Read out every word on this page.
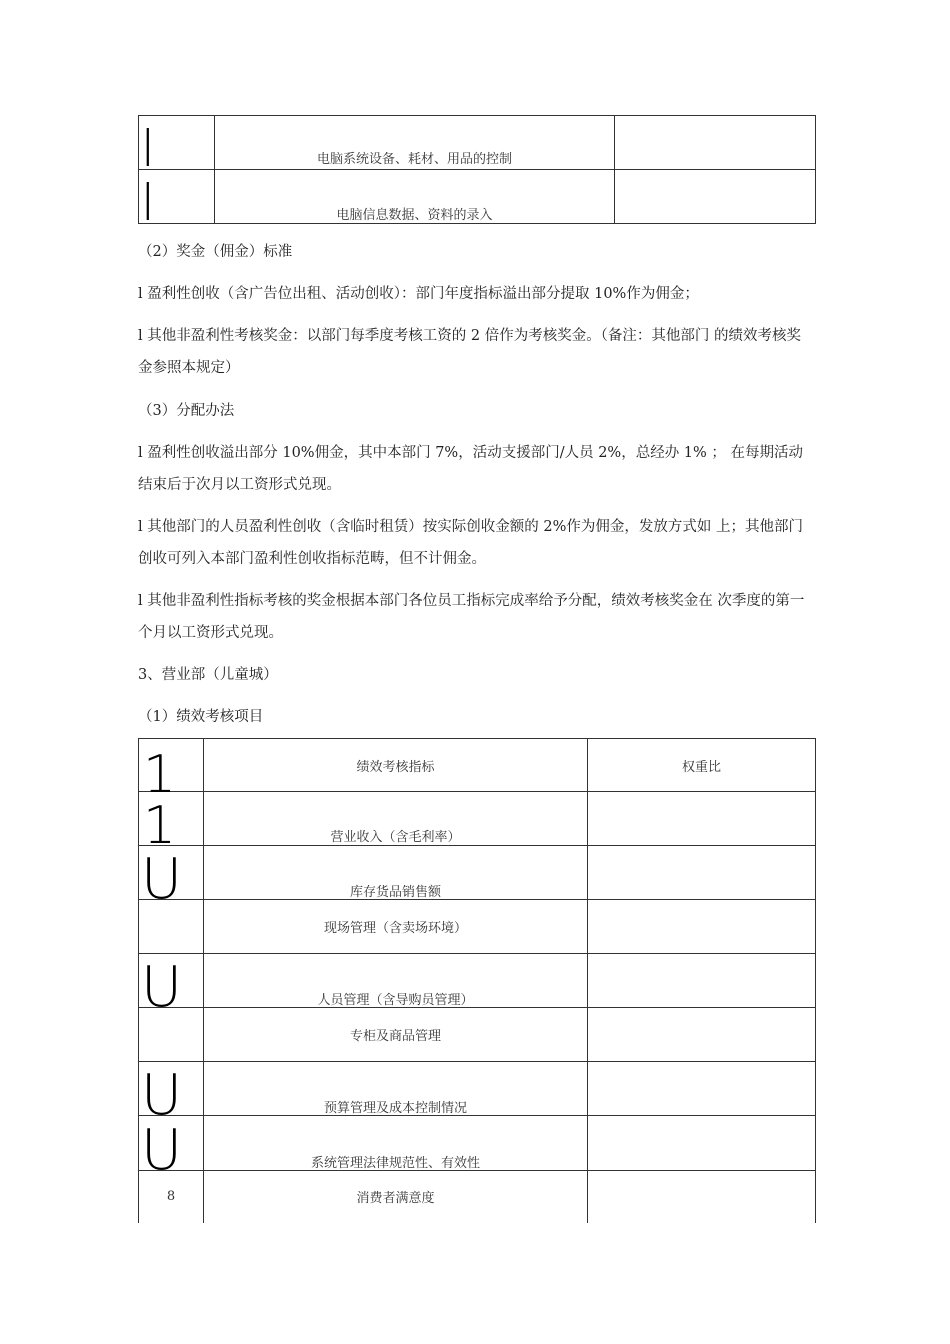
l	电脑系统设备、耗材、用品的控制	

l	电脑信息数据、资料的录入	

（2）奖金（佣金）标准

l 盈利性创收（含广告位出租、活动创收）：部门年度指标溢出部分提取 10%作为佣金；

l 其他非盈利性考核奖金：以部门每季度考核工资的 2 倍作为考核奖金。（备注：其他部门 的绩效考核奖金参照本规定）

（3）分配办法

l 盈利性创收溢出部分 10%佣金，其中本部门 7%，活动支援部门/人员 2%，总经办 1% ； 在每期活动结束后于次月以工资形式兑现。

l 其他部门的人员盈利性创收（含临时租赁）按实际创收金额的 2%作为佣金，发放方式如 上；其他部门创收可列入本部门盈利性创收指标范畴，但不计佣金。

l 其他非盈利性指标考核的奖金根据本部门各位员工指标完成率给予分配，绩效考核奖金在 次季度的第一个月以工资形式兑现。

3、营业部（儿童城）

（1）绩效考核项目

1	绩效考核指标	权重比

1	营业收入（含毛利率）	

U	库存货品销售额	

	现场管理（含卖场环境）	

U	人员管理（含导购员管理）	

	专柜及商品管理	

U	预算管理及成本控制情况	

U	系统管理法律规范性、有效性	

8	消费者满意度	
